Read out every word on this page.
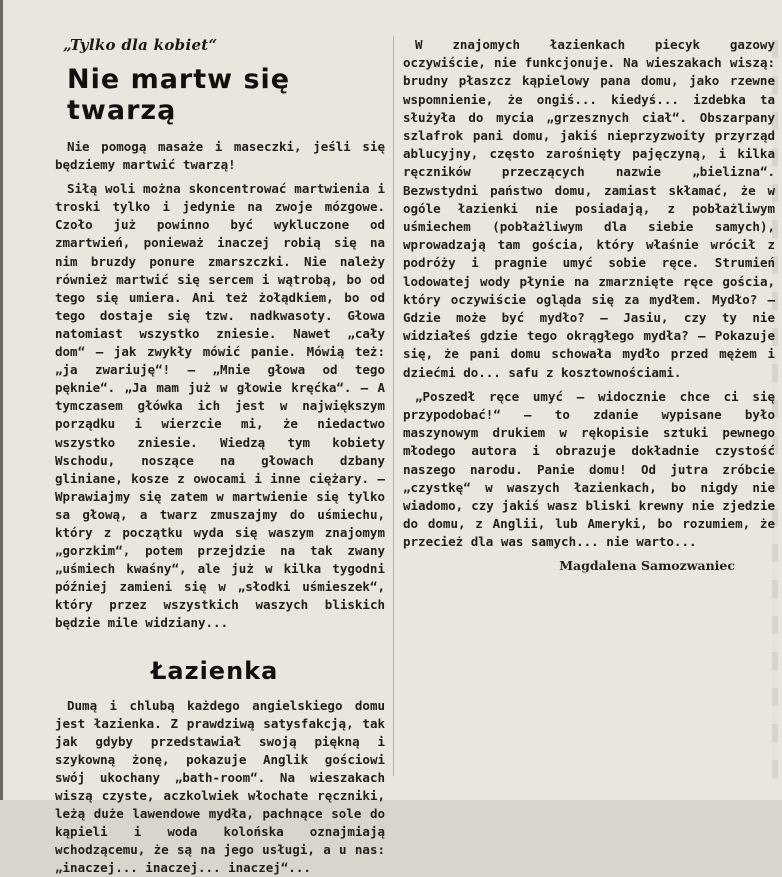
„Tylko dla kobiet“
Nie martw się twarzą

Nie pomogą masaże i maseczki, jeśli się będziemy martwić twarzą!

Siłą woli można skoncentrować martwienia i troski tylko i jedynie na zwoje mózgowe. Czoło już powinno być wykluczone od zmartwień, ponieważ inaczej robią się na nim bruzdy ponure zmarszczki. Nie należy również martwić się sercem i wątrobą, bo od tego się umiera. Ani też żołądkiem, bo od tego dostaje się tzw. nadkwasoty. Głowa natomiast wszystko zniesie. Nawet „cały dom“ — jak zwykły mówić panie. Mówią też: „ja zwariuję“! — „Mnie głowa od tego pęknie“. „Ja mam już w głowie kręćka“. — A tymczasem główka ich jest w największym porządku i wierzcie mi, że niedactwo wszystko zniesie. Wiedzą tym kobiety Wschodu, noszące na głowach dzbany gliniane, kosze z owocami i inne ciężary. — Wprawiajmy się zatem w martwienie się tylko sa głową, a twarz zmuszajmy do uśmiechu, który z początku wyda się waszym znajomym „gorzkim“, potem przejdzie na tak zwany „uśmiech kwaśny“, ale już w kilka tygodni później zamieni się w „słodki uśmieszek“, który przez wszystkich waszych bliskich będzie mile widziany...

Łazienka

Dumą i chlubą każdego angielskiego domu jest łazienka. Z prawdziwą satysfakcją, tak jak gdyby przedstawiał swoją piękną i szykowną żonę, pokazuje Anglik gościowi swój ukochany „bath-room“. Na wieszakach wiszą czyste, aczkolwiek włochate ręczniki, leżą duże lawendowe mydła, pachnące sole do kąpieli i woda kolońska oznajmiają wchodzącemu, że są na jego usługi, a u nas: „inaczej... inaczej... inaczej“...

W znajomych łazienkach piecyk gazowy oczywiście, nie funkcjonuje. Na wieszakach wiszą: brudny płaszcz kąpielowy pana domu, jako rzewne wspomnienie, że ongiś... kiedyś... izdebka ta służyła do mycia „grzesznych ciał“. Obszarpany szlafrok pani domu, jakiś nieprzyzwoity przyrząd ablucyjny, często zarośnięty pajęczyną, i kilka ręczników przeczących nazwie „bielizna“. Bezwstydni państwo domu, zamiast skłamać, że w ogóle łazienki nie posiadają, z pobłażliwym uśmiechem (pobłażliwym dla siebie samych), wprowadzają tam gościa, który właśnie wrócił z podróży i pragnie umyć sobie ręce. Strumień lodowatej wody płynie na zmarznięte ręce gościa, który oczywiście ogląda się za mydłem. Mydło? — Gdzie może być mydło? — Jasiu, czy ty nie widziałeś gdzie tego okrągłego mydła? — Pokazuje się, że pani domu schowała mydło przed mężem i dziećmi do... safu z kosztownościami.

„Poszedł ręce umyć — widocznie chce ci się przypodobać!“ — to zdanie wypisane było maszynowym drukiem w rękopisie sztuki pewnego młodego autora i obrazuje dokładnie czystość naszego narodu. Panie domu! Od jutra zróbcie „czystkę“ w waszych łazienkach, bo nigdy nie wiadomo, czy jakiś wasz bliski krewny nie zjedzie do domu, z Anglii, lub Ameryki, bo rozumiem, że przecież dla was samych... nie warto...

Magdalena Samozwaniec
